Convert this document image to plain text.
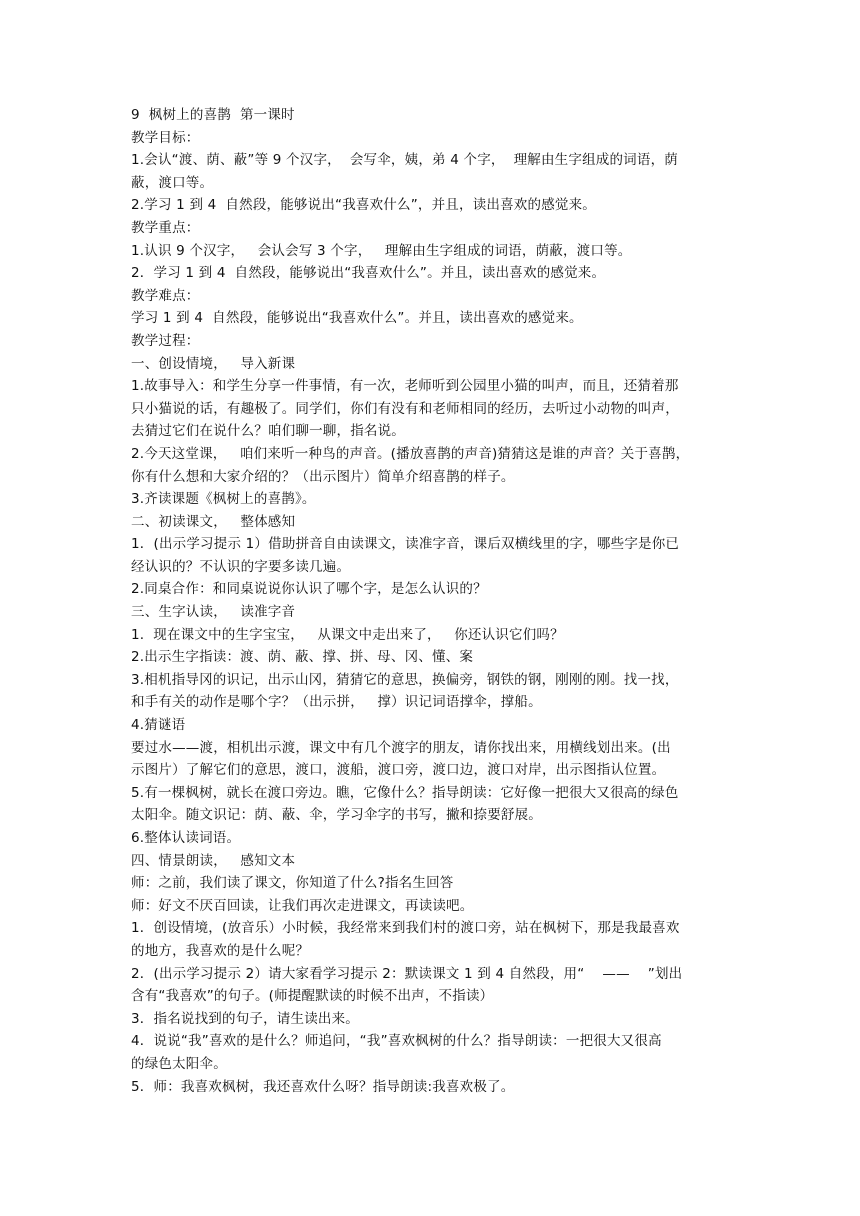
9  枫树上的喜鹊  第一课时
教学目标：
1.会认“渡、荫、蔽”等 9 个汉字，  会写伞，姨，弟 4 个字，  理解由生字组成的词语，荫
蔽，渡口等。
2.学习 1 到 4  自然段，能够说出“我喜欢什么”，并且，读出喜欢的感觉来。
教学重点：
1.认识 9 个汉字，   会认会写 3 个字，   理解由生字组成的词语，荫蔽，渡口等。
2．学习 1 到 4  自然段，能够说出“我喜欢什么”。并且，读出喜欢的感觉来。
教学难点：
学习 1 到 4  自然段，能够说出“我喜欢什么”。并且，读出喜欢的感觉来。
教学过程：
一、创设情境，   导入新课
1.故事导入：和学生分享一件事情，有一次，老师听到公园里小猫的叫声，而且，还猜着那
只小猫说的话，有趣极了。同学们，你们有没有和老师相同的经历，去听过小动物的叫声，
去猜过它们在说什么？咱们聊一聊，指名说。
2.今天这堂课，   咱们来听一种鸟的声音。(播放喜鹊的声音)猜猜这是谁的声音？关于喜鹊，
你有什么想和大家介绍的？（出示图片）简单介绍喜鹊的样子。
3.齐读课题《枫树上的喜鹊》。
二、初读课文，   整体感知
1．(出示学习提示 1）借助拼音自由读课文，读准字音，课后双横线里的字，哪些字是你已
经认识的？不认识的字要多读几遍。
2.同桌合作：和同桌说说你认识了哪个字，是怎么认识的？
三、生字认读，   读准字音
1.  现在课文中的生字宝宝，   从课文中走出来了，   你还认识它们吗？
2.出示生字指读：渡、荫、蔽、撑、拼、母、冈、懂、案
3.相机指导冈的识记，出示山冈，猜猜它的意思，换偏旁，钢铁的钢，刚刚的刚。找一找，
和手有关的动作是哪个字？（出示拼，   撑）识记词语撑伞，撑船。
4.猜谜语
要过水——渡，相机出示渡，课文中有几个渡字的朋友，请你找出来，用横线划出来。(出
示图片）了解它们的意思，渡口，渡船，渡口旁，渡口边，渡口对岸，出示图指认位置。
5.有一棵枫树，就长在渡口旁边。瞧，它像什么？指导朗读：它好像一把很大又很高的绿色
太阳伞。随文识记：荫、蔽、伞，学习伞字的书写，撇和捺要舒展。
6.整体认读词语。
四、情景朗读，   感知文本
师：之前，我们读了课文，你知道了什么?指名生回答
师：好文不厌百回读，让我们再次走进课文，再读读吧。
1．创设情境，(放音乐）小时候，我经常来到我们村的渡口旁，站在枫树下，那是我最喜欢
的地方，我喜欢的是什么呢？
2．(出示学习提示 2）请大家看学习提示 2：默读课文 1 到 4 自然段，用“    ——    ”划出
含有“我喜欢”的句子。(师提醒默读的时候不出声，不指读）
3．指名说找到的句子，请生读出来。
4．说说“我”喜欢的是什么？师追问，“我”喜欢枫树的什么？指导朗读：一把很大又很高
的绿色太阳伞。
5．师：我喜欢枫树，我还喜欢什么呀？指导朗读:我喜欢极了。
